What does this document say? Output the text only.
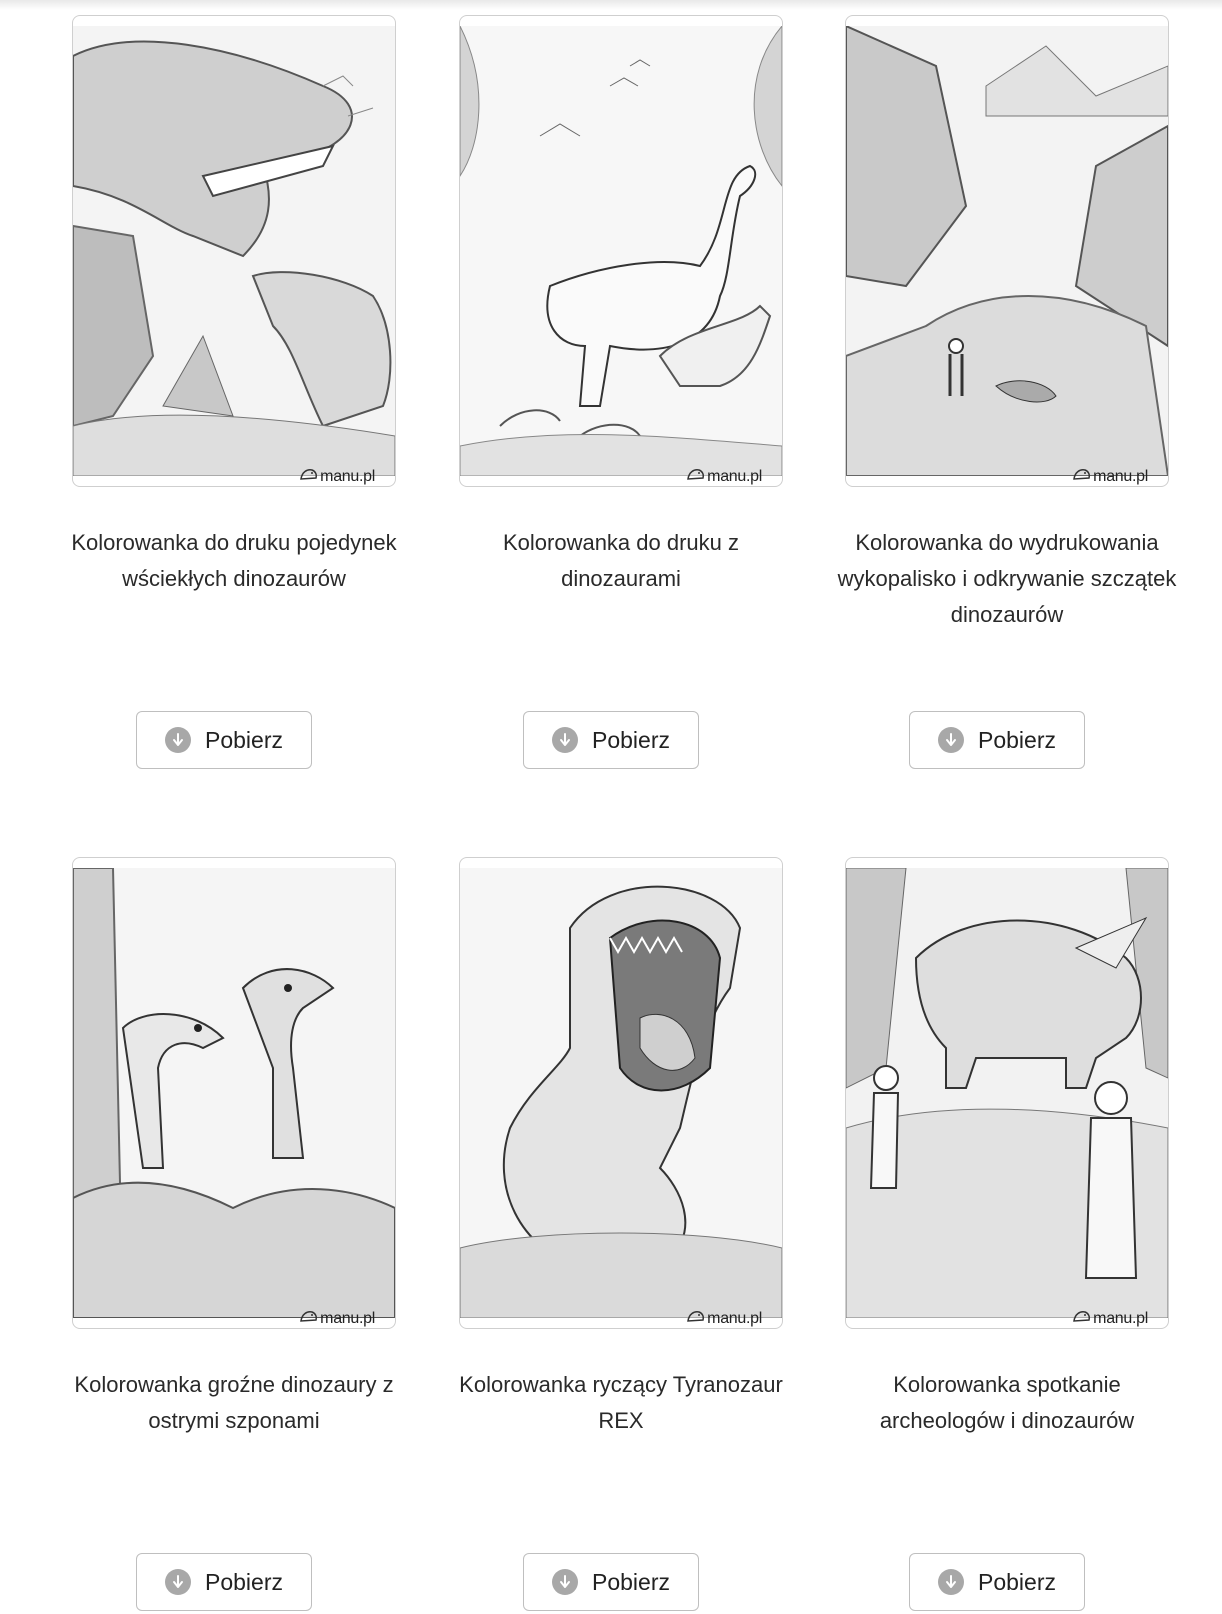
manu.pl
Kolorowanka do druku pojedynek wściekłych dinozaurów
Pobierz
manu.pl
Kolorowanka do druku z dinozaurami
Pobierz
manu.pl
Kolorowanka do wydrukowania wykopalisko i odkrywanie szczątek dinozaurów
Pobierz
manu.pl
Kolorowanka groźne dinozaury z ostrymi szponami
Pobierz
manu.pl
Kolorowanka ryczący Tyranozaur REX
Pobierz
manu.pl
Kolorowanka spotkanie archeologów i dinozaurów
Pobierz
